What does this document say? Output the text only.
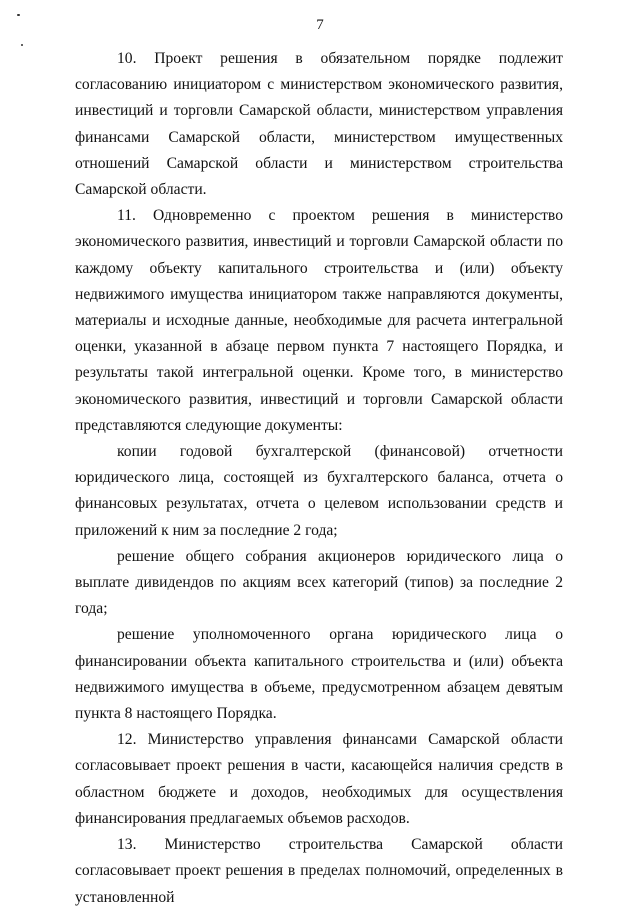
7

10. Проект решения в обязательном порядке подлежит согласованию инициатором с министерством экономического развития, инвестиций и торговли Самарской области, министерством управления финансами Самарской области, министерством имущественных отношений Самарской области и министерством строительства Самарской области.

11. Одновременно с проектом решения в министерство экономического развития, инвестиций и торговли Самарской области по каждому объекту капитального строительства и (или) объекту недвижимого имущества инициатором также направляются документы, материалы и исходные данные, необходимые для расчета интегральной оценки, указанной в абзаце первом пункта 7 настоящего Порядка, и результаты такой интегральной оценки. Кроме того, в министерство экономического развития, инвестиций и торговли Самарской области представляются следующие документы:

копии годовой бухгалтерской (финансовой) отчетности юридического лица, состоящей из бухгалтерского баланса, отчета о финансовых результатах, отчета о целевом использовании средств и приложений к ним за последние 2 года;

решение общего собрания акционеров юридического лица о выплате дивидендов по акциям всех категорий (типов) за последние 2 года;

решение уполномоченного органа юридического лица о финансировании объекта капитального строительства и (или) объекта недвижимого имущества в объеме, предусмотренном абзацем девятым пункта 8 настоящего Порядка.

12. Министерство управления финансами Самарской области согласовывает проект решения в части, касающейся наличия средств в областном бюджете и доходов, необходимых для осуществления финансирования предлагаемых объемов расходов.

13. Министерство строительства Самарской области согласовывает проект решения в пределах полномочий, определенных в установленной
